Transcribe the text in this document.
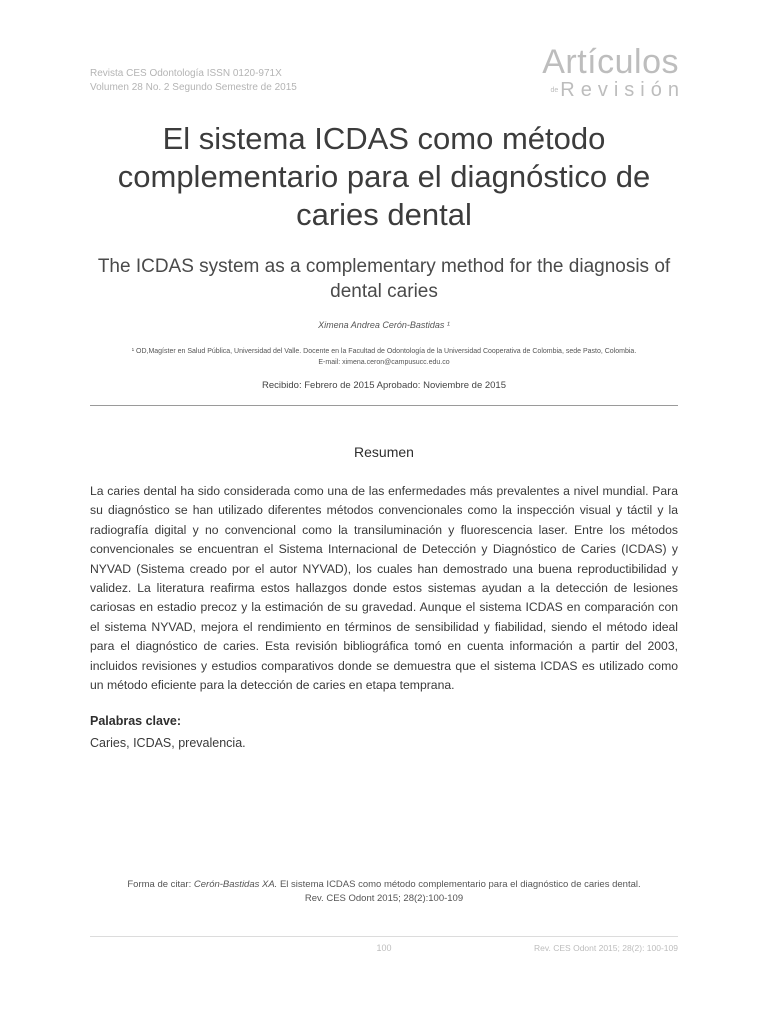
Revista CES Odontología ISSN 0120-971X
Volumen 28 No. 2 Segundo Semestre de 2015
Artículos
de Revisión
El sistema ICDAS como método complementario para el diagnóstico de caries dental
The ICDAS system as a complementary method for the diagnosis of dental caries
Ximena Andrea Cerón-Bastidas ¹
¹ OD,Magíster en Salud Pública, Universidad del Valle. Docente en la Facultad de Odontología de la Universidad Cooperativa de Colombia, sede Pasto, Colombia.
E-mail: ximena.ceron@campusucc.edu.co
Recibido: Febrero de 2015 Aprobado: Noviembre de 2015
Resumen

La caries dental ha sido considerada como una de las enfermedades más prevalentes a nivel mundial. Para su diagnóstico se han utilizado diferentes métodos convencionales como la inspección visual y táctil y la radiografía digital y no convencional como la transiluminación y fluorescencia laser. Entre los métodos convencionales se encuentran el Sistema Internacional de Detección y Diagnóstico de Caries (ICDAS) y NYVAD (Sistema creado por el autor NYVAD), los cuales han demostrado una buena reproductibilidad y validez. La literatura reafirma estos hallazgos donde estos sistemas ayudan a la detección de lesiones cariosas en estadio precoz y la estimación de su gravedad. Aunque el sistema ICDAS en comparación con el sistema NYVAD, mejora el rendimiento en términos de sensibilidad y fiabilidad, siendo el método ideal para el diagnóstico de caries. Esta revisión bibliográfica tomó en cuenta información a partir del 2003, incluidos revisiones y estudios comparativos donde se demuestra que el sistema ICDAS es utilizado como un método eficiente para la detección de caries en etapa temprana.

Palabras clave:
Caries, ICDAS, prevalencia.
Forma de citar: Cerón-Bastidas XA. El sistema ICDAS como método complementario para el diagnóstico de caries dental.
Rev. CES Odont 2015; 28(2):100-109
100	Rev. CES Odont 2015; 28(2): 100-109
